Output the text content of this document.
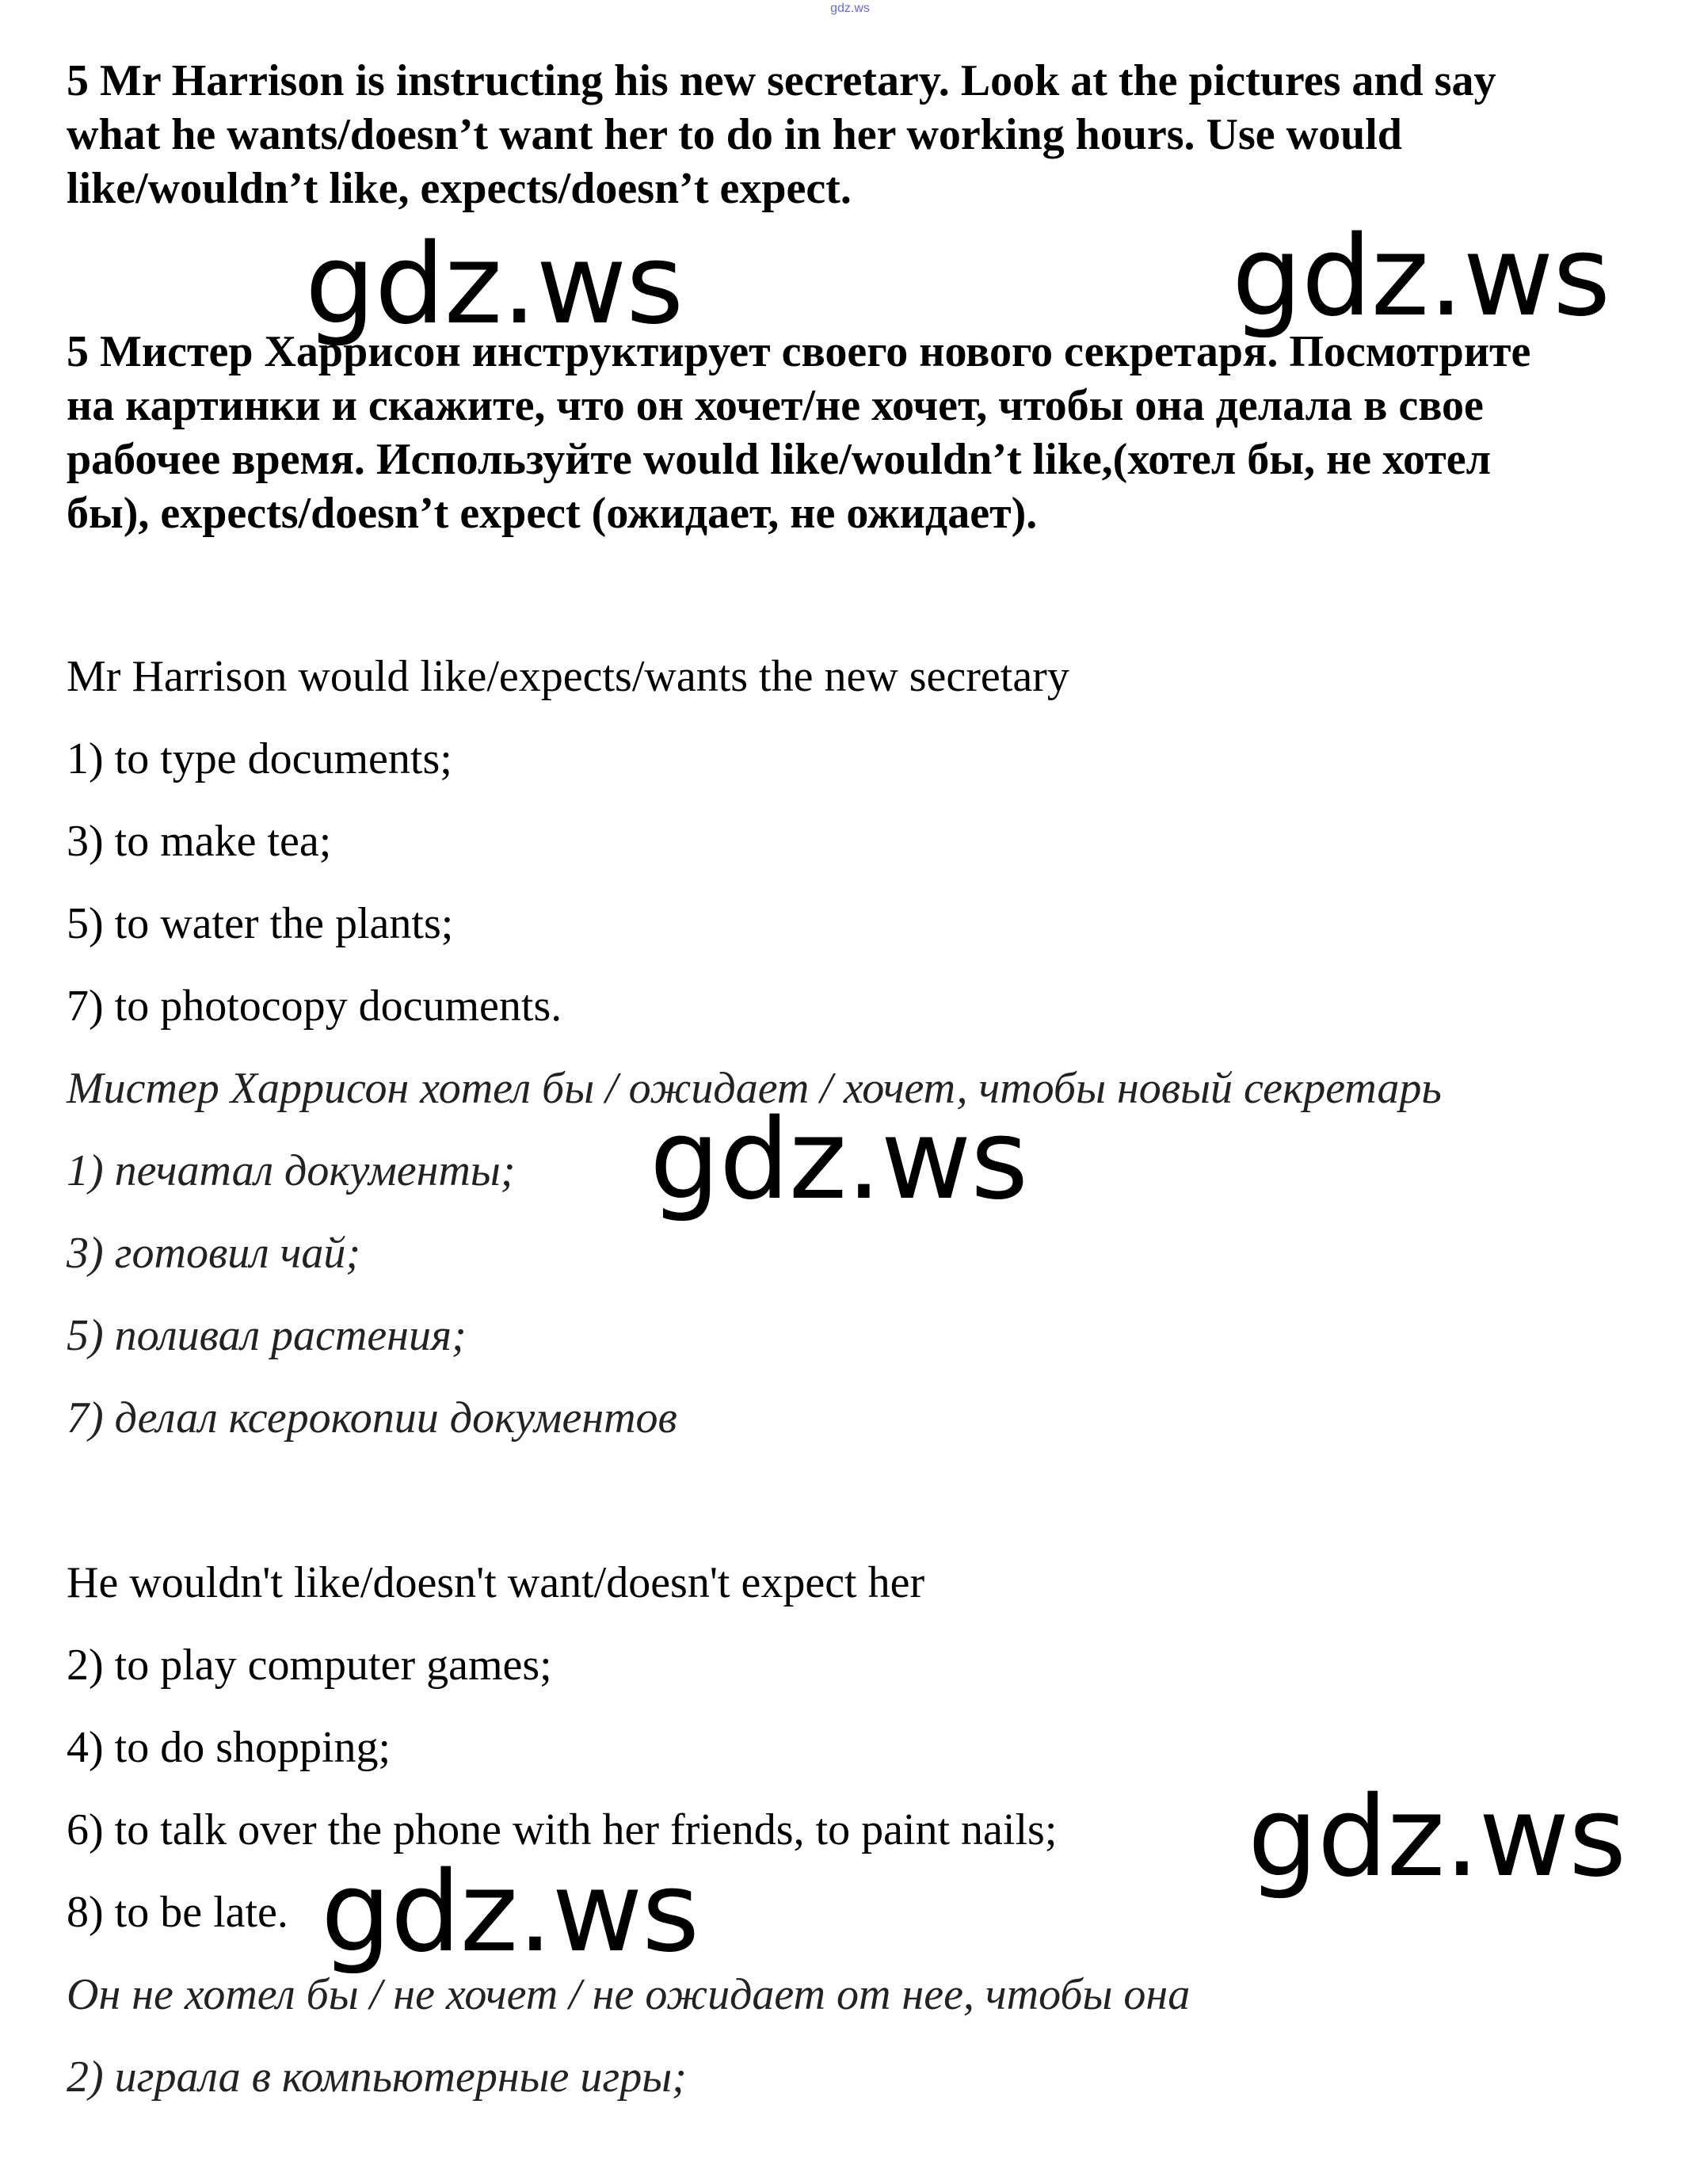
gdz.ws

5 Mr Harrison is instructing his new secretary. Look at the pictures and say

what he wants/doesn’t want her to do in her working hours. Use would

like/wouldn’t like, expects/doesn’t expect.

5 Мистер Харрисон инструктирует своего нового секретаря. Посмотрите

на картинки и скажите, что он хочет/не хочет, чтобы она делала в свое

рабочее время. Используйте would like/wouldn’t like,(хотел бы, не хотел

бы), expects/doesn’t expect (ожидает, не ожидает).

Mr Harrison would like/expects/wants the new secretary

1) to type documents;

3) to make tea;

5) to water the plants;

7) to photocopy documents.

Мистер Харрисон хотел бы / ожидает / хочет, чтобы новый секретарь

1) печатал документы;

3) готовил чай;

5) поливал растения;

7) делал ксерокопии документов

He wouldn't like/doesn't want/doesn't expect her

2) to play computer games;

4) to do shopping;

6) to talk over the phone with her friends, to paint nails;

8) to be late.

Он не хотел бы / не хочет / не ожидает от нее, чтобы она

2) играла в компьютерные игры;

gdz.ws	gdz.ws
gdz.ws
gdz.ws
gdz.ws
